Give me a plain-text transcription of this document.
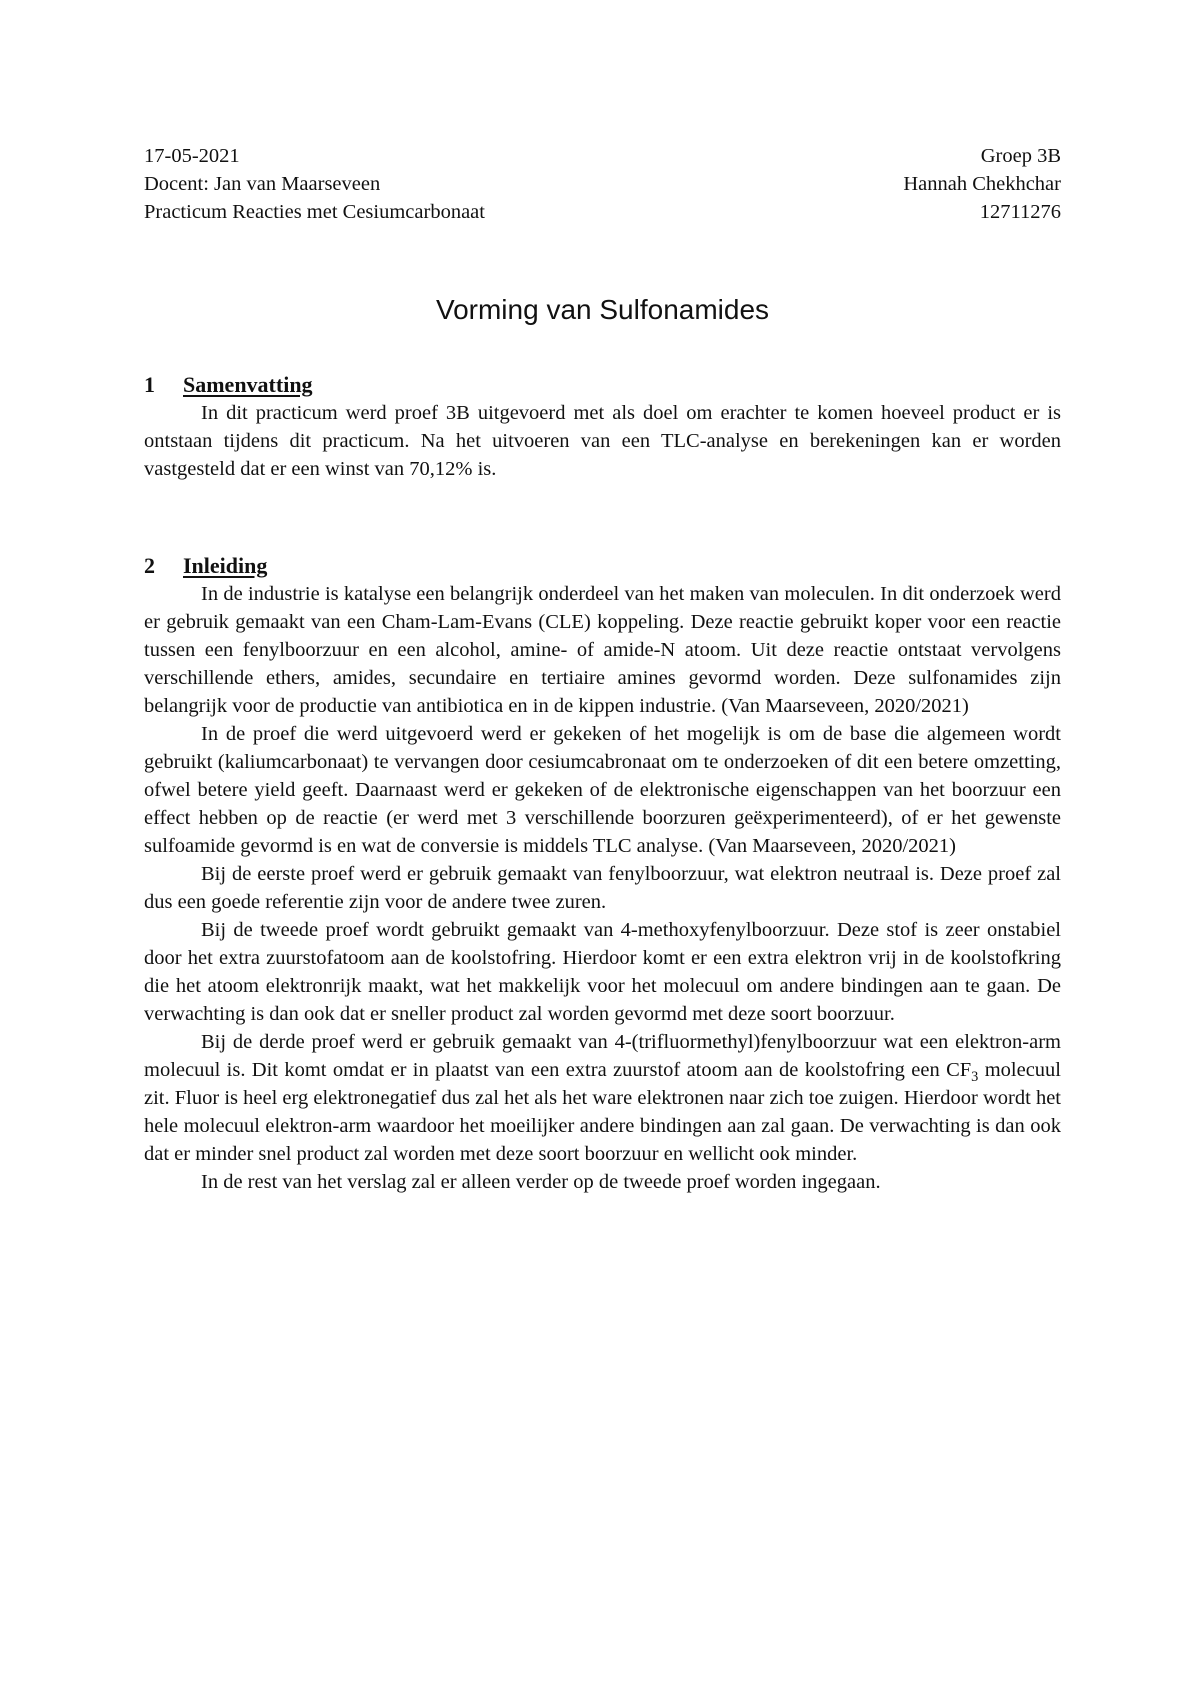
17-05-2021
Docent: Jan van Maarseveen
Practicum Reacties met Cesiumcarbonaat
Groep 3B
Hannah Chekhchar
12711276
Vorming van Sulfonamides
1	Samenvatting

In dit practicum werd proef 3B uitgevoerd met als doel om erachter te komen hoeveel product er is ontstaan tijdens dit practicum. Na het uitvoeren van een TLC-analyse en berekeningen kan er worden vastgesteld dat er een winst van 70,12% is.

2	Inleiding

In de industrie is katalyse een belangrijk onderdeel van het maken van moleculen. In dit onderzoek werd er gebruik gemaakt van een Cham-Lam-Evans (CLE) koppeling. Deze reactie gebruikt koper voor een reactie tussen een fenylboorzuur en een alcohol, amine- of amide-N atoom. Uit deze reactie ontstaat vervolgens verschillende ethers, amides, secundaire en tertiaire amines gevormd worden. Deze sulfonamides zijn belangrijk voor de productie van antibiotica en in de kippen industrie. (Van Maarseveen, 2020/2021)

In de proef die werd uitgevoerd werd er gekeken of het mogelijk is om de base die algemeen wordt gebruikt (kaliumcarbonaat) te vervangen door cesiumcabronaat om te onderzoeken of dit een betere omzetting, ofwel betere yield geeft. Daarnaast werd er gekeken of de elektronische eigenschappen van het boorzuur een effect hebben op de reactie (er werd met 3 verschillende boorzuren geëxperimenteerd), of er het gewenste sulfoamide gevormd is en wat de conversie is middels TLC analyse. (Van Maarseveen, 2020/2021)

Bij de eerste proef werd er gebruik gemaakt van fenylboorzuur, wat elektron neutraal is. Deze proef zal dus een goede referentie zijn voor de andere twee zuren.

Bij de tweede proef wordt gebruikt gemaakt van 4-methoxyfenylboorzuur. Deze stof is zeer onstabiel door het extra zuurstofatoom aan de koolstofring. Hierdoor komt er een extra elektron vrij in de koolstofkring die het atoom elektronrijk maakt, wat het makkelijk voor het molecuul om andere bindingen aan te gaan. De verwachting is dan ook dat er sneller product zal worden gevormd met deze soort boorzuur.

Bij de derde proef werd er gebruik gemaakt van 4-(trifluormethyl)fenylboorzuur wat een elektron-arm molecuul is. Dit komt omdat er in plaatst van een extra zuurstof atoom aan de koolstofring een $CF_3$ molecuul zit. Fluor is heel erg elektronegatief dus zal het als het ware elektronen naar zich toe zuigen. Hierdoor wordt het hele molecuul elektron-arm waardoor het moeilijker andere bindingen aan zal gaan. De verwachting is dan ook dat er minder snel product zal worden met deze soort boorzuur en wellicht ook minder.

In de rest van het verslag zal er alleen verder op de tweede proef worden ingegaan.
